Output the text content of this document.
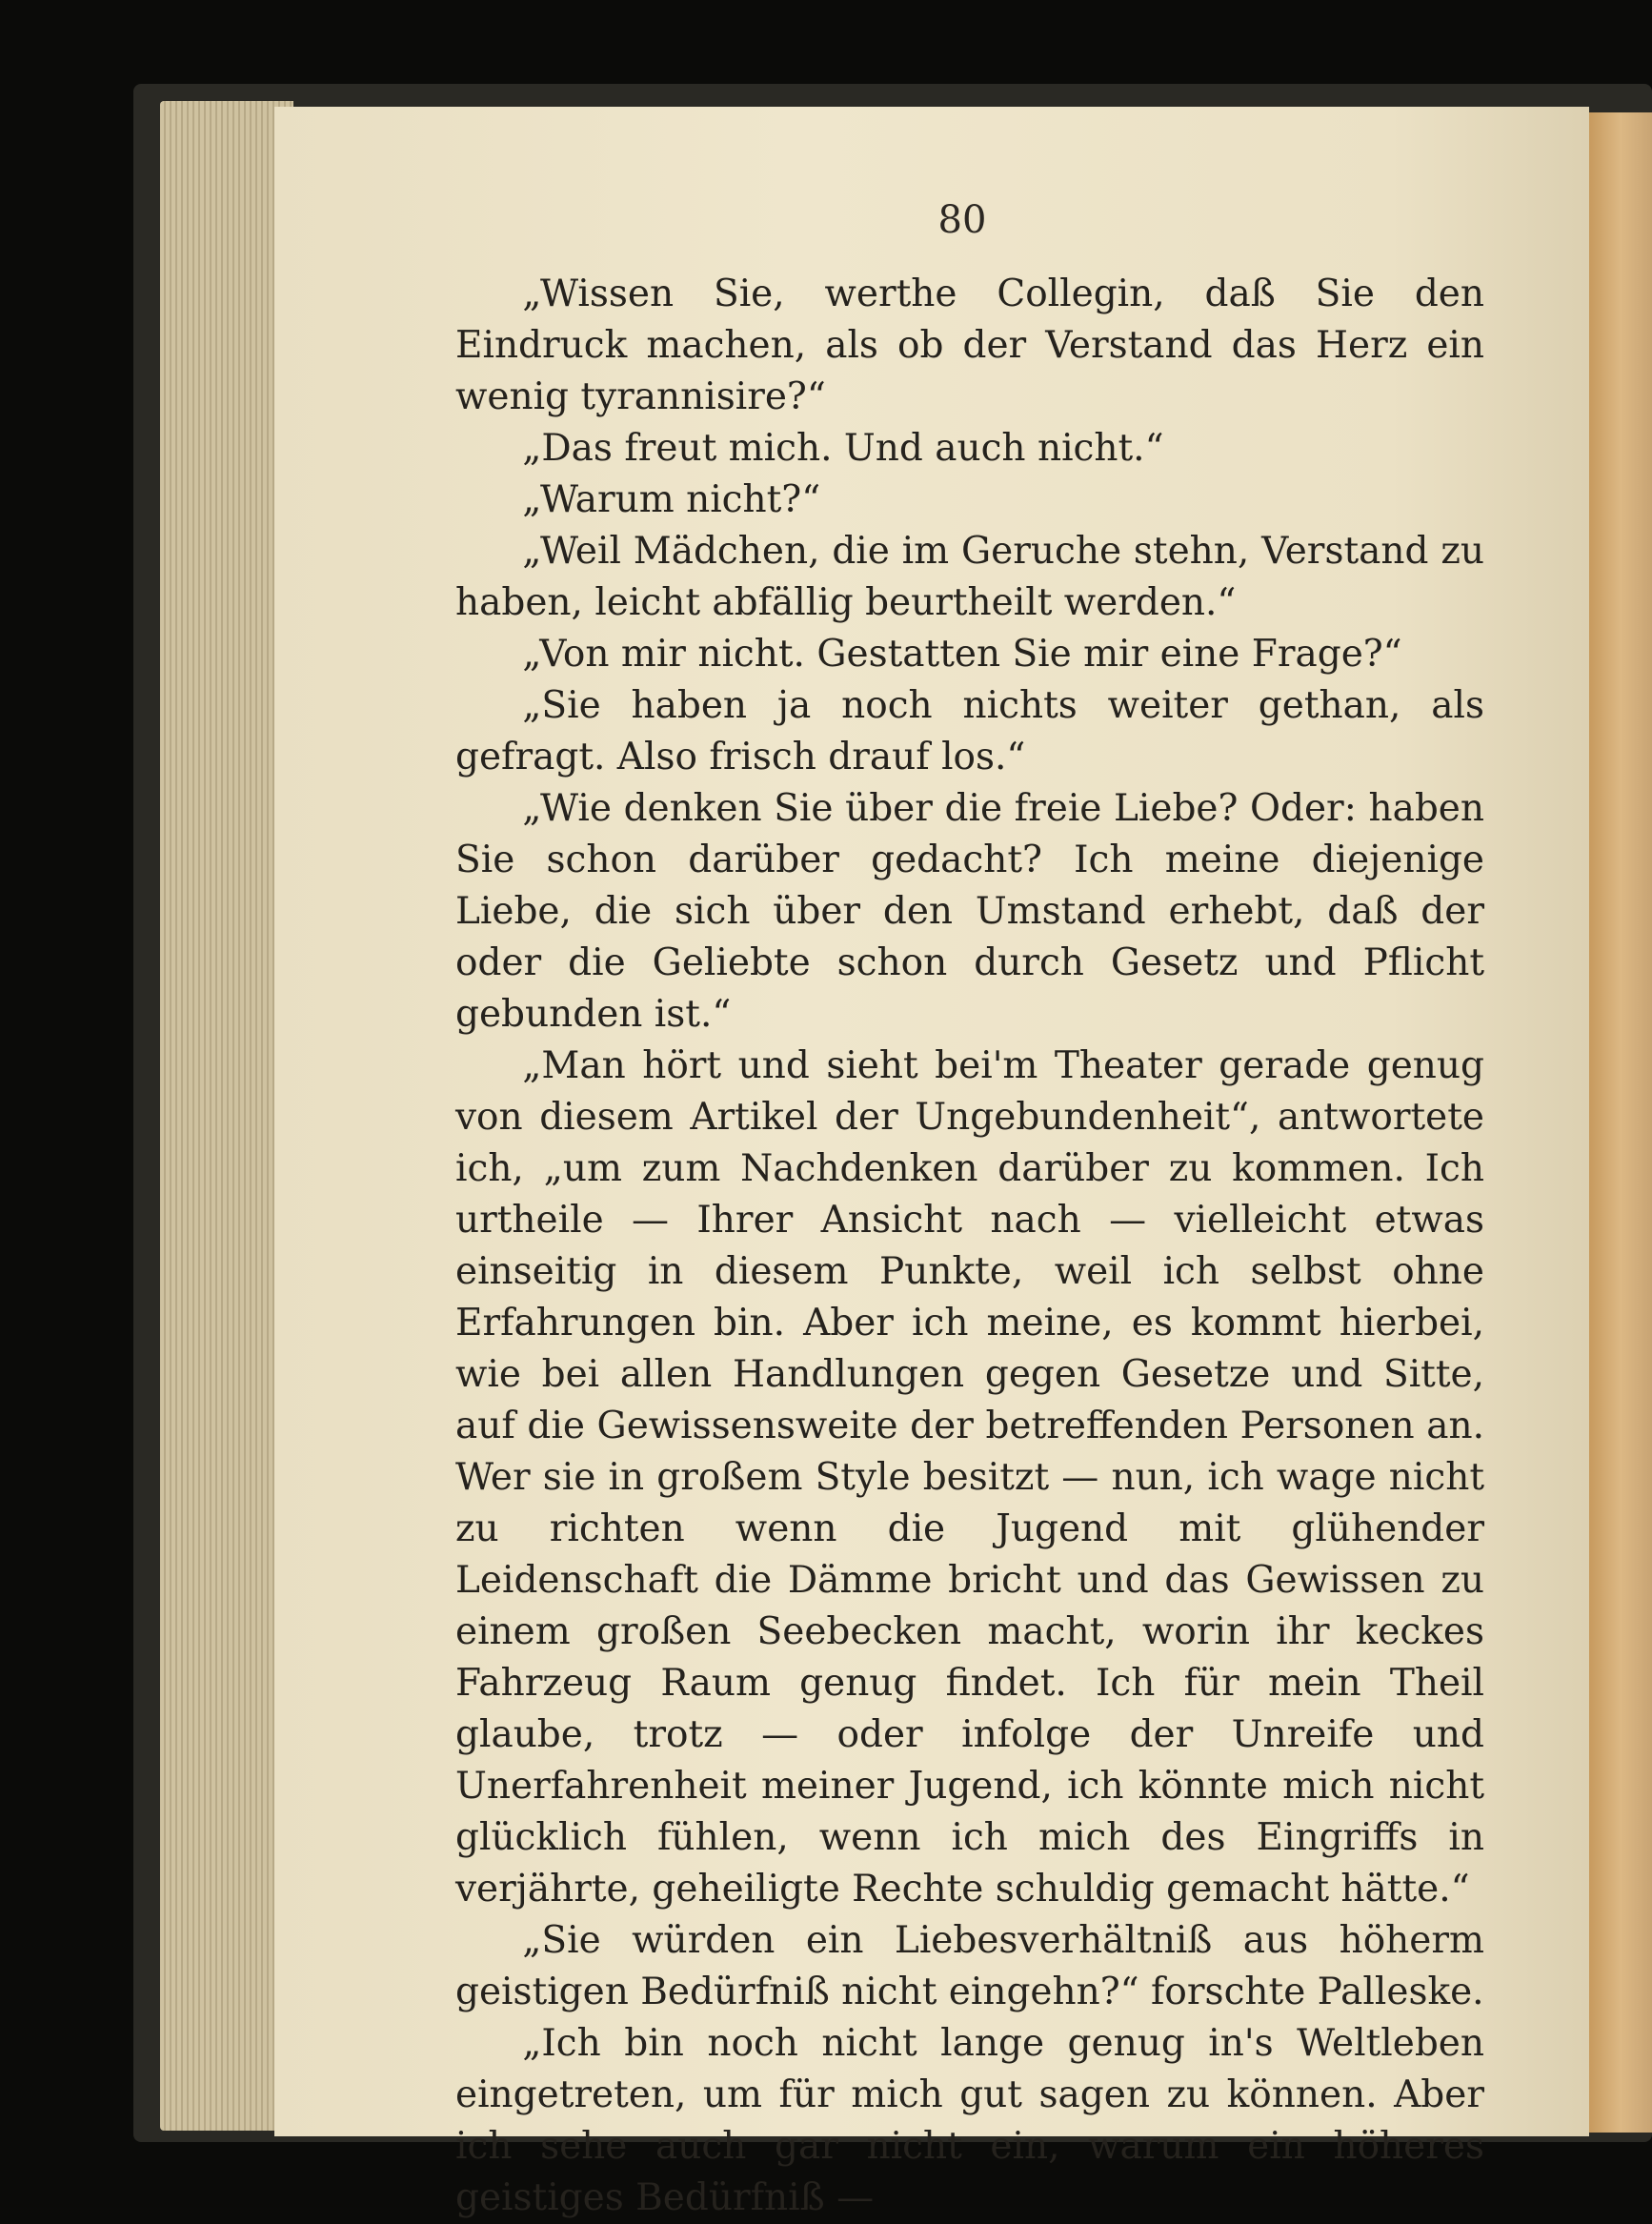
80

„Wissen Sie, werthe Collegin, daß Sie den Eindruck machen, als ob der Verstand das Herz ein wenig tyrannisire?“

„Das freut mich. Und auch nicht.“

„Warum nicht?“

„Weil Mädchen, die im Geruche stehn, Verstand zu haben, leicht abfällig beurtheilt werden.“

„Von mir nicht. Gestatten Sie mir eine Frage?“

„Sie haben ja noch nichts weiter gethan, als gefragt. Also frisch drauf los.“

„Wie denken Sie über die freie Liebe? Oder: haben Sie schon darüber gedacht? Ich meine diejenige Liebe, die sich über den Umstand erhebt, daß der oder die Geliebte schon durch Gesetz und Pflicht gebunden ist.“

„Man hört und sieht bei'm Theater gerade genug von diesem Artikel der Ungebundenheit“, antwortete ich, „um zum Nachdenken darüber zu kommen. Ich urtheile — Ihrer Ansicht nach — vielleicht etwas einseitig in diesem Punkte, weil ich selbst ohne Erfahrungen bin. Aber ich meine, es kommt hierbei, wie bei allen Handlungen gegen Gesetze und Sitte, auf die Gewissensweite der betreffenden Personen an. Wer sie in großem Style besitzt — nun, ich wage nicht zu richten wenn die Jugend mit glühender Leidenschaft die Dämme bricht und das Gewissen zu einem großen Seebecken macht, worin ihr keckes Fahrzeug Raum genug findet. Ich für mein Theil glaube, trotz — oder infolge der Unreife und Unerfahrenheit meiner Jugend, ich könnte mich nicht glücklich fühlen, wenn ich mich des Eingriffs in verjährte, geheiligte Rechte schuldig gemacht hätte.“

„Sie würden ein Liebesverhältniß aus höherm geistigen Bedürfniß nicht eingehn?“ forschte Palleske.

„Ich bin noch nicht lange genug in's Weltleben eingetreten, um für mich gut sagen zu können. Aber ich sehe auch gar nicht ein, warum ein höheres geistiges Bedürfniß —
